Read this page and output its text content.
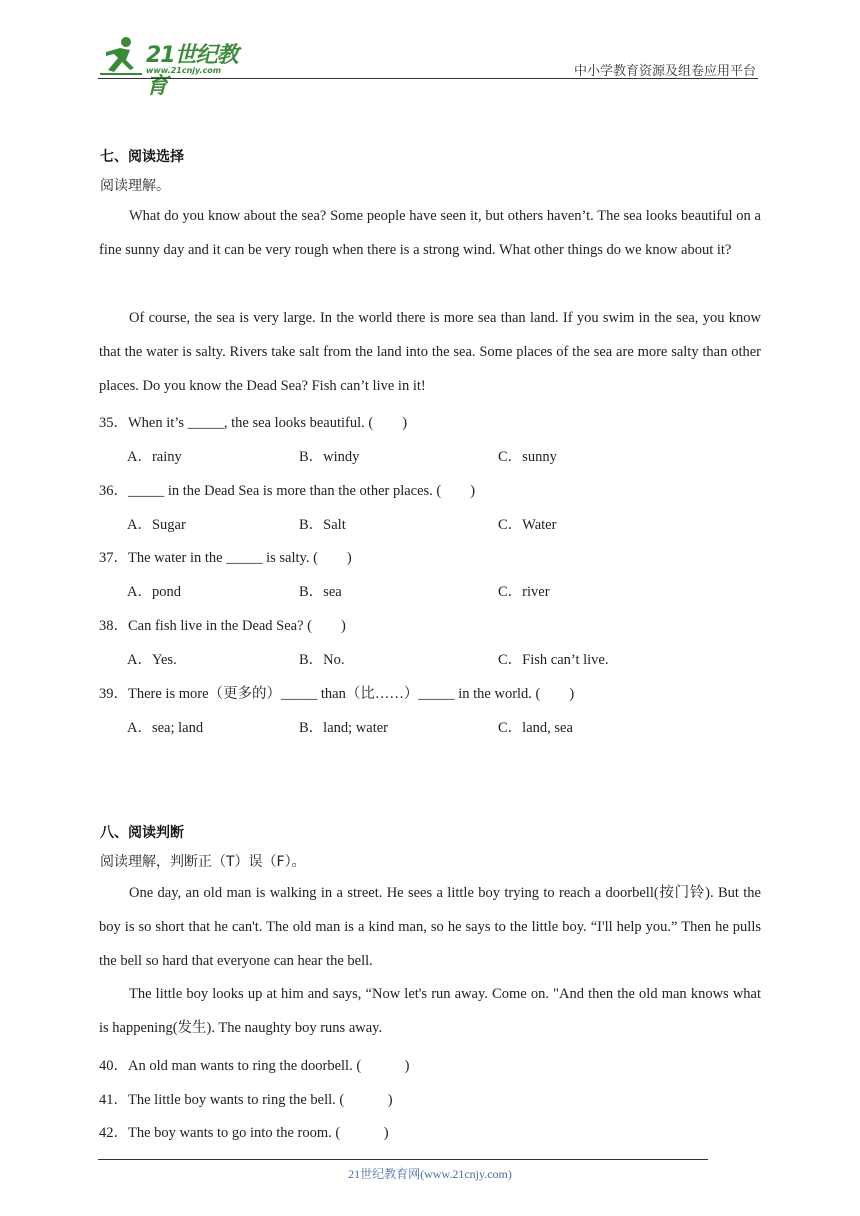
21世纪教育
www.21cnjy.com	中小学教育资源及组卷应用平台
七、阅读选择
阅读理解。

What do you know about the sea? Some people have seen it, but others haven’t. The sea looks beautiful on a fine sunny day and it can be very rough when there is a strong wind. What other things do we know about it?

Of course, the sea is very large. In the world there is more sea than land. If you swim in the sea, you know that the water is salty. Rivers take salt from the land into the sea. Some places of the sea are more salty than other places. Do you know the Dead Sea? Fish can’t live in it!

35．When it’s _____, the sea looks beautiful. (        )
A．rainy	B．windy	C．sunny
36．_____ in the Dead Sea is more than the other places. (        )
A．Sugar	B．Salt	C．Water
37．The water in the _____ is salty. (        )
A．pond	B．sea	C．river
38．Can fish live in the Dead Sea? (        )
A．Yes.	B．No.	C．Fish can’t live.
39．There is more（更多的）_____ than（比……）_____ in the world. (        )
A．sea; land	B．land; water	C．land, sea
八、阅读判断
阅读理解，判断正（T）误（F）。

One day, an old man is walking in a street. He sees a little boy trying to reach a doorbell(按门铃). But the boy is so short that he can't. The old man is a kind man, so he says to the little boy. “I'll help you.” Then he pulls the bell so hard that everyone can hear the bell.

The little boy looks up at him and says, “Now let's run away. Come on. "And then the old man knows what is happening(发生). The naughty boy runs away.

40．An old man wants to ring the doorbell. (            )
41．The little boy wants to ring the bell. (            )
42．The boy wants to go into the room. (            )
21世纪教育网(www.21cnjy.com)
